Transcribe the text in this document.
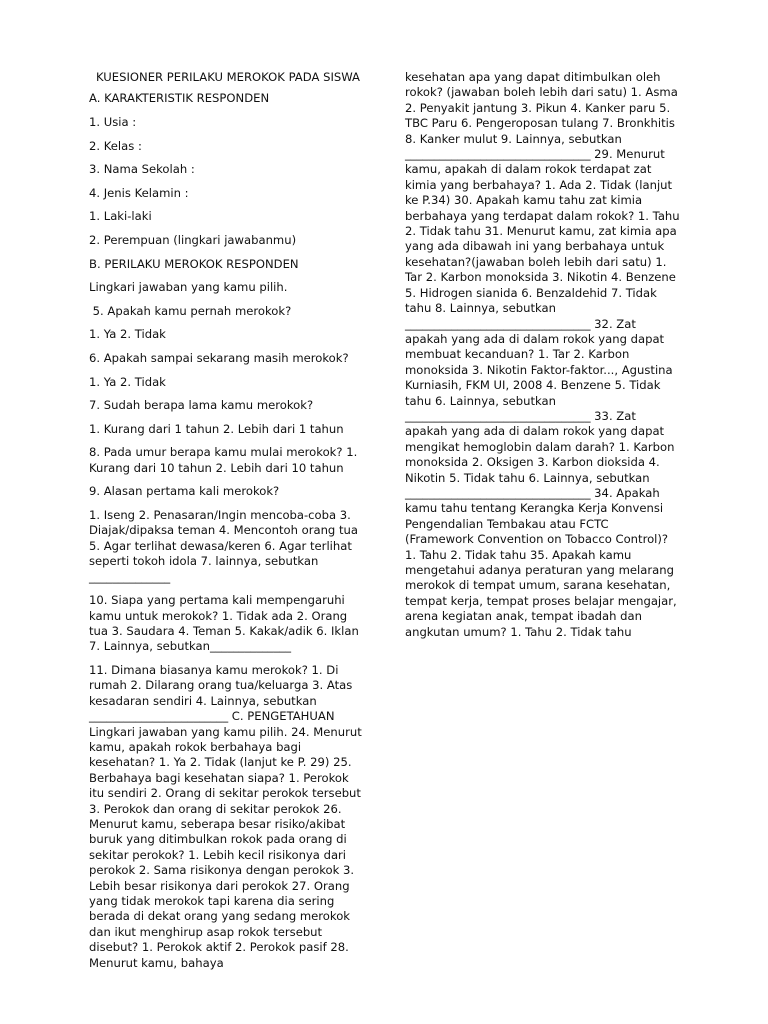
KUESIONER PERILAKU MEROKOK PADA SISWA

A. KARAKTERISTIK RESPONDEN

1. Usia :

2. Kelas :

3. Nama Sekolah :

4. Jenis Kelamin :

1. Laki-laki

2. Perempuan (lingkari jawabanmu)

B. PERILAKU MEROKOK RESPONDEN

Lingkari jawaban yang kamu pilih.

5. Apakah kamu pernah merokok?

1. Ya 2. Tidak

6. Apakah sampai sekarang masih merokok?

1. Ya 2. Tidak

7. Sudah berapa lama kamu merokok?

1. Kurang dari 1 tahun 2. Lebih dari 1 tahun

8. Pada umur berapa kamu mulai merokok? 1. Kurang dari 10 tahun 2. Lebih dari 10 tahun

9. Alasan pertama kali merokok?

1. Iseng 2. Penasaran/Ingin mencoba-coba 3. Diajak/dipaksa teman 4. Mencontoh orang tua 5. Agar terlihat dewasa/keren 6. Agar terlihat seperti tokoh idola 7. lainnya, sebutkan ______________

10. Siapa yang pertama kali mempengaruhi kamu untuk merokok? 1. Tidak ada 2. Orang tua 3. Saudara 4. Teman 5. Kakak/adik 6. Iklan 7. Lainnya, sebutkan______________

11. Dimana biasanya kamu merokok? 1. Di rumah 2. Dilarang orang tua/keluarga 3. Atas kesadaran sendiri 4. Lainnya, sebutkan ________________________ C. PENGETAHUAN Lingkari jawaban yang kamu pilih. 24. Menurut kamu, apakah rokok berbahaya bagi kesehatan? 1. Ya 2. Tidak (lanjut ke P. 29) 25. Berbahaya bagi kesehatan siapa? 1. Perokok itu sendiri 2. Orang di sekitar perokok tersebut 3. Perokok dan orang di sekitar perokok 26. Menurut kamu, seberapa besar risiko/akibat buruk yang ditimbulkan rokok pada orang di sekitar perokok? 1. Lebih kecil risikonya dari perokok 2. Sama risikonya dengan perokok 3. Lebih besar risikonya dari perokok 27. Orang yang tidak merokok tapi karena dia sering berada di dekat orang yang sedang merokok dan ikut menghirup asap rokok tersebut disebut? 1. Perokok aktif 2. Perokok pasif 28. Menurut kamu, bahaya

kesehatan apa yang dapat ditimbulkan oleh rokok? (jawaban boleh lebih dari satu) 1. Asma 2. Penyakit jantung 3. Pikun 4. Kanker paru 5. TBC Paru 6. Pengeroposan tulang 7. Bronkhitis 8. Kanker mulut 9. Lainnya, sebutkan ________________________________ 29. Menurut kamu, apakah di dalam rokok terdapat zat kimia yang berbahaya? 1. Ada 2. Tidak (lanjut ke P.34) 30. Apakah kamu tahu zat kimia berbahaya yang terdapat dalam rokok? 1. Tahu 2. Tidak tahu 31. Menurut kamu, zat kimia apa yang ada dibawah ini yang berbahaya untuk kesehatan?(jawaban boleh lebih dari satu) 1. Tar 2. Karbon monoksida 3. Nikotin 4. Benzene 5. Hidrogen sianida 6. Benzaldehid 7. Tidak tahu 8. Lainnya, sebutkan ________________________________ 32. Zat apakah yang ada di dalam rokok yang dapat membuat kecanduan? 1. Tar 2. Karbon monoksida 3. Nikotin Faktor-faktor..., Agustina Kurniasih, FKM UI, 2008 4. Benzene 5. Tidak tahu 6. Lainnya, sebutkan ________________________________ 33. Zat apakah yang ada di dalam rokok yang dapat mengikat hemoglobin dalam darah? 1. Karbon monoksida 2. Oksigen 3. Karbon dioksida 4. Nikotin 5. Tidak tahu 6. Lainnya, sebutkan ________________________________ 34. Apakah kamu tahu tentang Kerangka Kerja Konvensi Pengendalian Tembakau atau FCTC (Framework Convention on Tobacco Control)? 1. Tahu 2. Tidak tahu 35. Apakah kamu mengetahui adanya peraturan yang melarang merokok di tempat umum, sarana kesehatan, tempat kerja, tempat proses belajar mengajar, arena kegiatan anak, tempat ibadah dan angkutan umum? 1. Tahu 2. Tidak tahu
